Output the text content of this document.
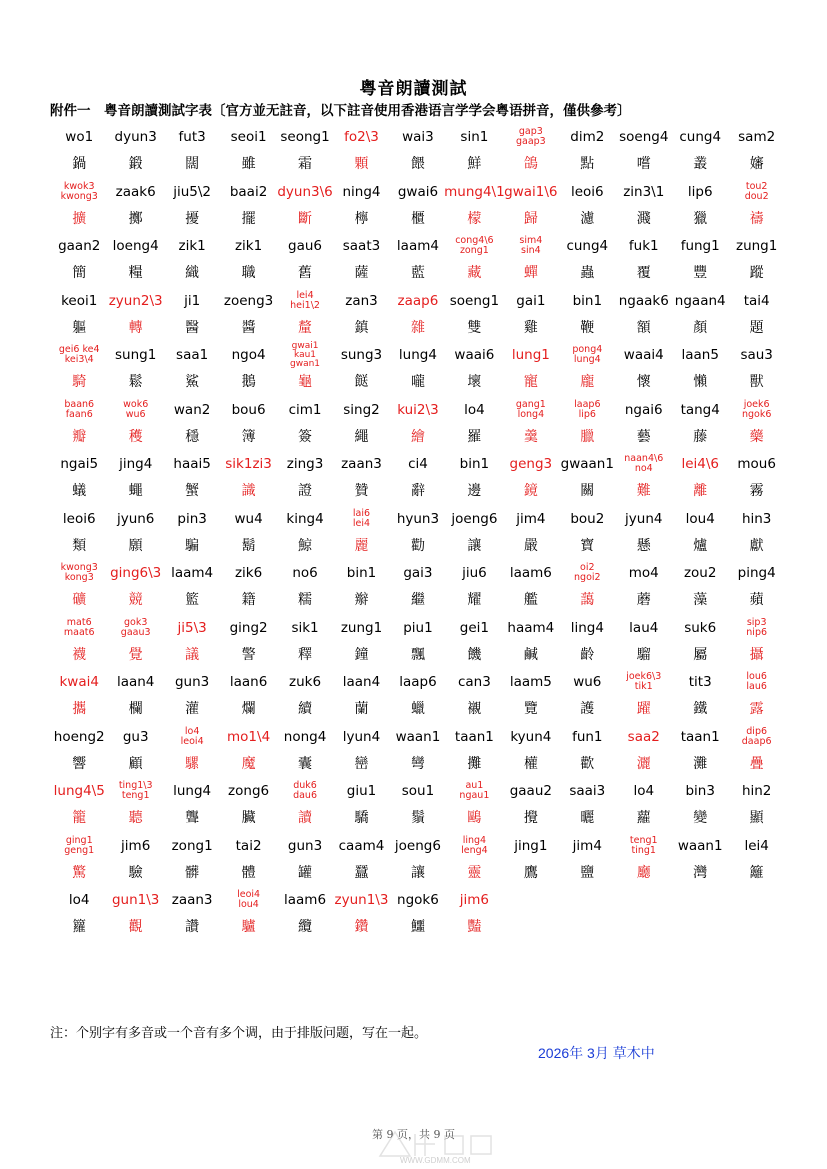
粤音朗讀測試
附件一　粤音朗讀測試字表〔官方並无註音，以下註音使用香港语言学学会粤语拼音，僅供參考〕
wo1
鍋
dyun3
鍛
fut3
闊
seoi1
雖
seong1
霜
fo2\3
顆
wai3
餵
sin1
鮮
gap3
gaap3
鴿
dim2
點
soeng4
嚐
cung4
叢
sam2
嬸
kwok3
kwong3
擴
zaak6
擲
jiu5\2
擾
baai2
擺
dyun3\6
斷
ning4
檸
gwai6
櫃
mung4\1
檬
gwai1\6
歸
leoi6
濾
zin3\1
濺
lip6
獵
tou2
dou2
禱
gaan2
簡
loeng4
糧
zik1
織
zik1
職
gau6
舊
saat3
薩
laam4
藍
cong4\6
zong1
藏
sim4
sin4
蟬
cung4
蟲
fuk1
覆
fung1
豐
zung1
蹤
keoi1
軀
zyun2\3
轉
ji1
醫
zoeng3
醬
lei4
hei1\2
釐
zan3
鎮
zaap6
雜
soeng1
雙
gai1
雞
bin1
鞭
ngaak6
額
ngaan4
顏
tai4
題
gei6 ke4
kei3\4
騎
sung1
鬆
saa1
鯊
ngo4
鵝
gwai1
kau1
gwan1
龜
sung3
餸
lung4
嚨
waai6
壞
lung1
寵
pong4
lung4
龐
waai4
懷
laan5
懶
sau3
獸
baan6
faan6
瓣
wok6
wu6
穫
wan2
穩
bou6
簿
cim1
簽
sing2
繩
kui2\3
繪
lo4
羅
gang1
long4
羹
laap6
lip6
臘
ngai6
藝
tang4
藤
joek6
ngok6
藥
ngai5
蟻
jing4
蠅
haai5
蟹
sik1zi3
識
zing3
證
zaan3
贊
ci4
辭
bin1
邊
geng3
鏡
gwaan1
關
naan4\6
no4
難
lei4\6
離
mou6
霧
leoi6
類
jyun6
願
pin3
騙
wu4
鬍
king4
鯨
lai6
lei4
麗
hyun3
勸
joeng6
讓
jim4
嚴
bou2
寶
jyun4
懸
lou4
爐
hin3
獻
kwong3
kong3
礦
ging6\3
競
laam4
籃
zik6
籍
no6
糯
bin1
辮
gai3
繼
jiu6
耀
laam6
艦
oi2
ngoi2
藹
mo4
蘑
zou2
藻
ping4
蘋
mat6
maat6
襪
gok3
gaau3
覺
ji5\3
議
ging2
警
sik1
釋
zung1
鐘
piu1
飄
gei1
饑
haam4
鹹
ling4
齡
lau4
騮
suk6
屬
sip3
nip6
攝
kwai4
攜
laan4
欄
gun3
灌
laan6
爛
zuk6
續
laan4
蘭
laap6
蠟
can3
襯
laam5
覽
wu6
護
joek6\3
tik1
躍
tit3
鐵
lou6
lau6
露
hoeng2
響
gu3
顧
lo4
leoi4
騾
mo1\4
魔
nong4
囊
lyun4
巒
waan1
彎
taan1
攤
kyun4
權
fun1
歡
saa2
灑
taan1
灘
dip6
daap6
疊
lung4\5
籠
ting1\3
teng1
聽
lung4
聾
zong6
臟
duk6
dau6
讀
giu1
驕
sou1
鬚
au1
ngau1
鷗
gaau2
攪
saai3
曬
lo4
蘿
bin3
變
hin2
顯
ging1
geng1
驚
jim6
驗
zong1
髒
tai2
體
gun3
罐
caam4
蠶
joeng6
讓
ling4
leng4
靈
jing1
鷹
jim4
鹽
teng1
ting1
廳
waan1
灣
lei4
籬
lo4
籮
gun1\3
觀
zaan3
讚
leoi4
lou4
驢
laam6
纜
zyun1\3
鑽
ngok6
鱷
jim6
豔
注：个别字有多音或一个音有多个调，由于排版问题，写在一起。
2026年 3月 草木中
第 9 页，共 9 页
WWW.GDMM.COM
